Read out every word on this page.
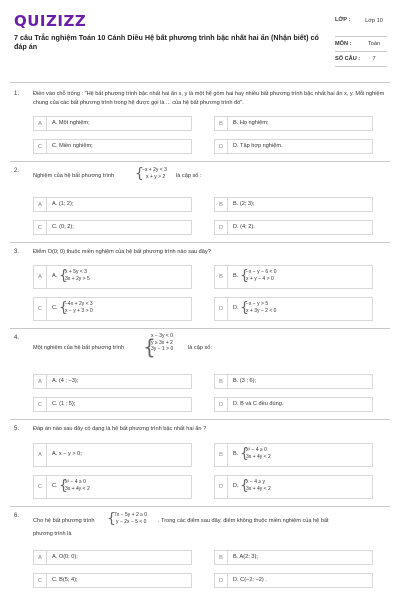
QUIZIZZ
7 câu Trắc nghiệm Toán 10 Cánh Diều Hệ bất phương trình bậc nhất hai ẩn (Nhận biết) có đáp án
LỚP :	Lớp 10
MÔN :	Toán
SỐ CÂU :	7
1. Điền vào chỗ trống : "Hệ bất phương trình bậc nhất hai ẩn x, y là một hệ gồm hai hay nhiều bất phương trình bậc nhất hai ẩn x, y. Mỗi nghiệm chung của các bất phương trình trong hệ được gọi là ... của hệ bất phương trình đó".
A	A. Một nghiệm;	B	B. Họ nghiệm;
C	C. Miền nghiệm;	D	D. Tập hợp nghiệm.
2.
Nghiệm của hệ bất phương trình {
−x + 2y < 3
x + y > 2	là cặp số :
A	A. (1; 2);	B	B. (2; 3);
C	C. (0; 2);	D	D. (4; 2).
3. Điểm O(0; 0) thuộc miền nghiệm của hệ bất phương trình nào sau đây?
A	A. {
x + 5y < 3
3x + 2y > 5	B	B. {
−x − y − 6 < 0
x + y − 4 > 0
C	C. {
−4x + 2y < 3
x − y + 3 > 0	D	D. {
−x − y > 5
x + 3y − 2 < 0
4.
Một nghiệm của hệ bất phương trình {
x − 3y < 0
y ≥ 3x + 2
3y − 1 > 0	là cặp số:
A	A. (4 ; −3);	B	B. (3 ; 6);
C	C. (1 ; 5);	D	D. B và C đều đúng.
5. Đáp án nào sau đây có dạng là hệ bất phương trình bậc nhất hai ẩn ?
A	A. x − y > 0;	B	B. {
x² − 4 ≥ 0
3x + 4y < 2
C	C. {
x² − 4 ≥ 0
3x + 4y < 2	D	D. {
x − 4 ≥ y
3x + 4y < 2
6.
Cho hệ bất phương trình {
7x − 5y + 2 ≥ 0
y − 2x − 5 < 0 . Trong các điểm sau đây, điểm không thuộc miền nghiệm của hệ bất
phương trình là
A	A. O(0; 0);	B	B. A(2; 3);
C	C. B(5; 4);	D	D. C(−2; −2) .
